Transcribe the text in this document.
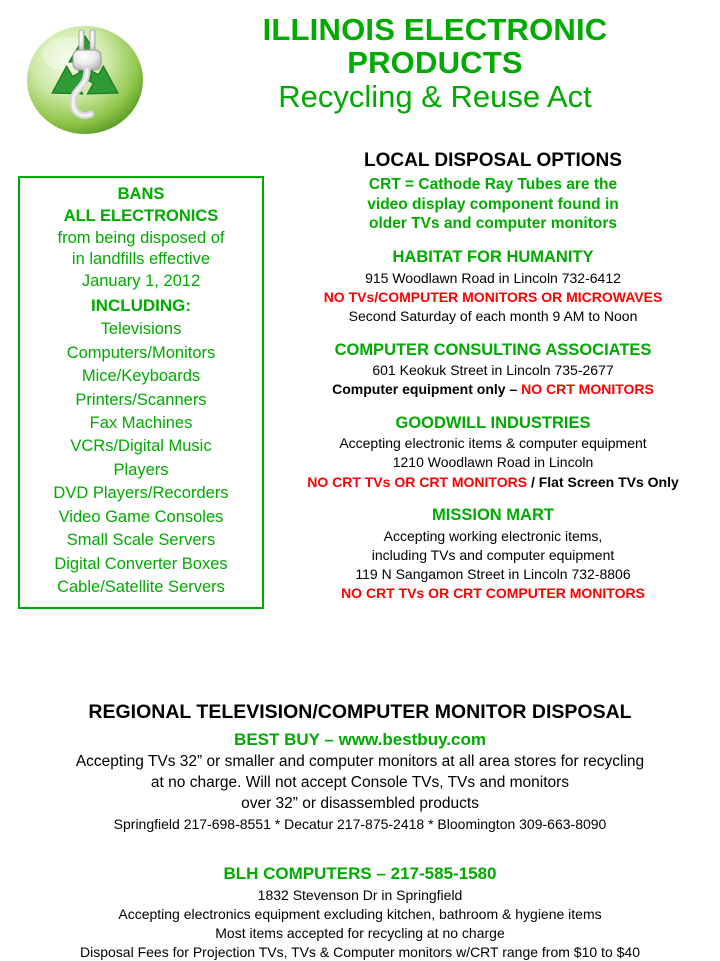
ILLINOIS ELECTRONIC
PRODUCTS
Recycling & Reuse Act
BANS
ALL ELECTRONICS
from being disposed of
in landfills effective
January 1, 2012
INCLUDING:
Televisions
Computers/Monitors
Mice/Keyboards
Printers/Scanners
Fax Machines
VCRs/Digital Music
Players
DVD Players/Recorders
Video Game Consoles
Small Scale Servers
Digital Converter Boxes
Cable/Satellite Servers
LOCAL DISPOSAL OPTIONS
CRT = Cathode Ray Tubes are the
video display component found in
older TVs and computer monitors
HABITAT FOR HUMANITY
915 Woodlawn Road in Lincoln 732-6412
NO TVs/COMPUTER MONITORS OR MICROWAVES
Second Saturday of each month 9 AM to Noon
COMPUTER CONSULTING ASSOCIATES
601 Keokuk Street in Lincoln 735-2677
Computer equipment only – NO CRT MONITORS
GOODWILL INDUSTRIES
Accepting electronic items & computer equipment
1210 Woodlawn Road in Lincoln
NO CRT TVs OR CRT MONITORS / Flat Screen TVs Only
MISSION MART
Accepting working electronic items,
including TVs and computer equipment
119 N Sangamon Street in Lincoln 732-8806
NO CRT TVs OR CRT COMPUTER MONITORS
REGIONAL TELEVISION/COMPUTER MONITOR DISPOSAL
BEST BUY – www.bestbuy.com
Accepting TVs 32” or smaller and computer monitors at all area stores for recycling
at no charge. Will not accept Console TVs, TVs and monitors
over 32” or disassembled products
Springfield 217-698-8551 * Decatur 217-875-2418 * Bloomington 309-663-8090
BLH COMPUTERS – 217-585-1580
1832 Stevenson Dr in Springfield
Accepting electronics equipment excluding kitchen, bathroom & hygiene items
Most items accepted for recycling at no charge
Disposal Fees for Projection TVs, TVs & Computer monitors w/CRT range from $10 to $40
